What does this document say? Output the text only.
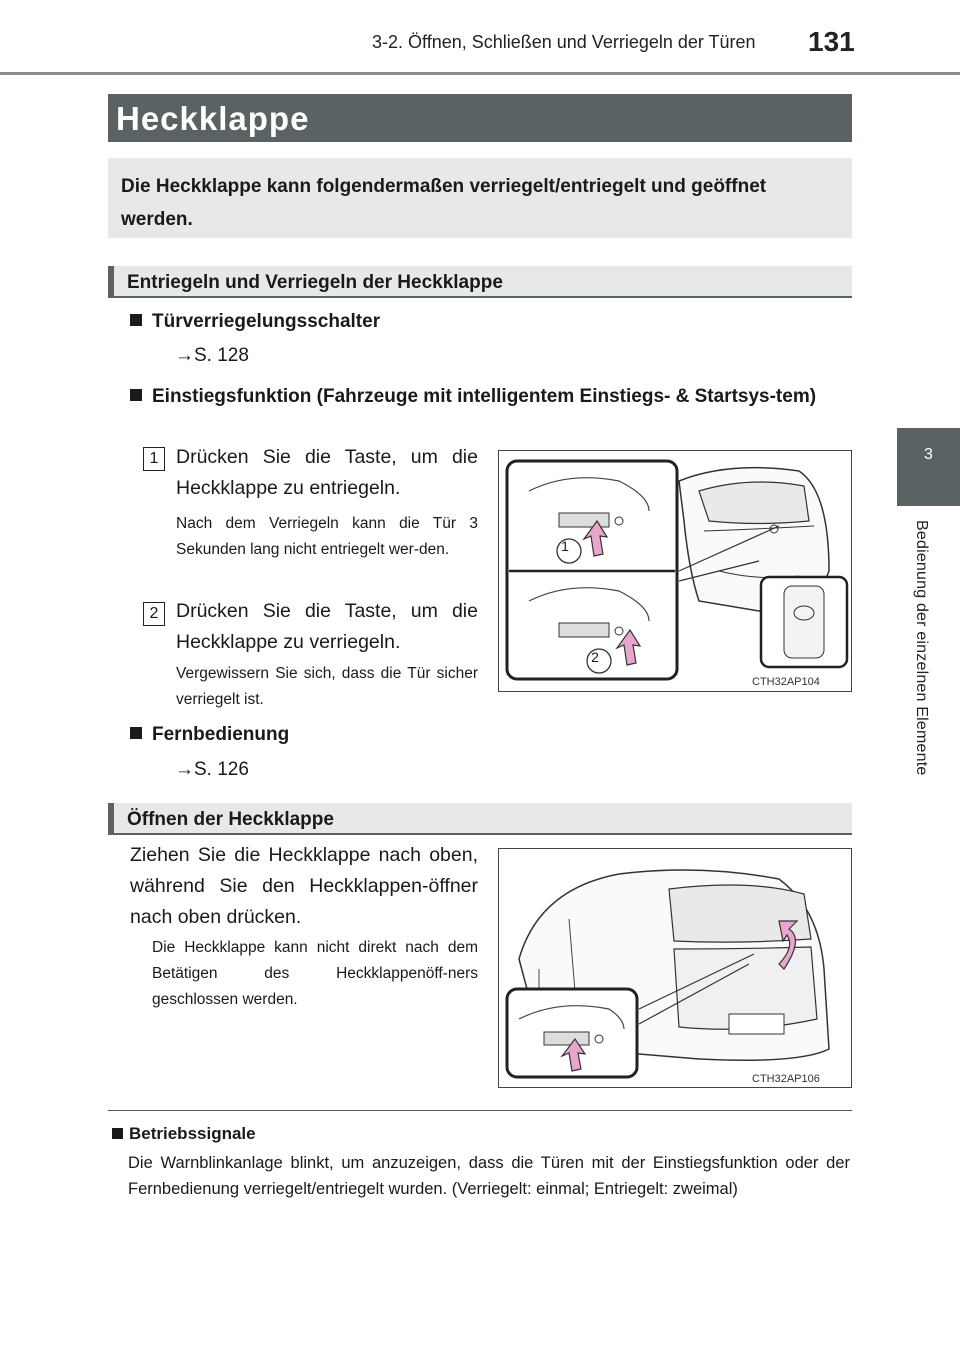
3-2. Öffnen, Schließen und Verriegeln der Türen 131
3
Bedienung der einzelnen Elemente
Heckklappe
Die Heckklappe kann folgendermaßen verriegelt/entriegelt und geöffnet werden.
Entriegeln und Verriegeln der Heckklappe
Türverriegelungsschalter
→S. 128
Einstiegsfunktion (Fahrzeuge mit intelligentem Einstiegs- & Startsys-tem)
1 Drücken Sie die Taste, um die Heckklappe zu entriegeln.
Nach dem Verriegeln kann die Tür 3 Sekunden lang nicht entriegelt wer-den.
2 Drücken Sie die Taste, um die Heckklappe zu verriegeln.
Vergewissern Sie sich, dass die Tür sicher verriegelt ist.
1
2
CTH32AP104
Fernbedienung
→S. 126
Öffnen der Heckklappe
Ziehen Sie die Heckklappe nach oben, während Sie den Heckklappen-öffner nach oben drücken.
Die Heckklappe kann nicht direkt nach dem Betätigen des Heckklappenöff-ners geschlossen werden.
CTH32AP106
Betriebssignale
Die Warnblinkanlage blinkt, um anzuzeigen, dass die Türen mit der Einstiegsfunktion oder der Fernbedienung verriegelt/entriegelt wurden. (Verriegelt: einmal; Entriegelt: zweimal)
